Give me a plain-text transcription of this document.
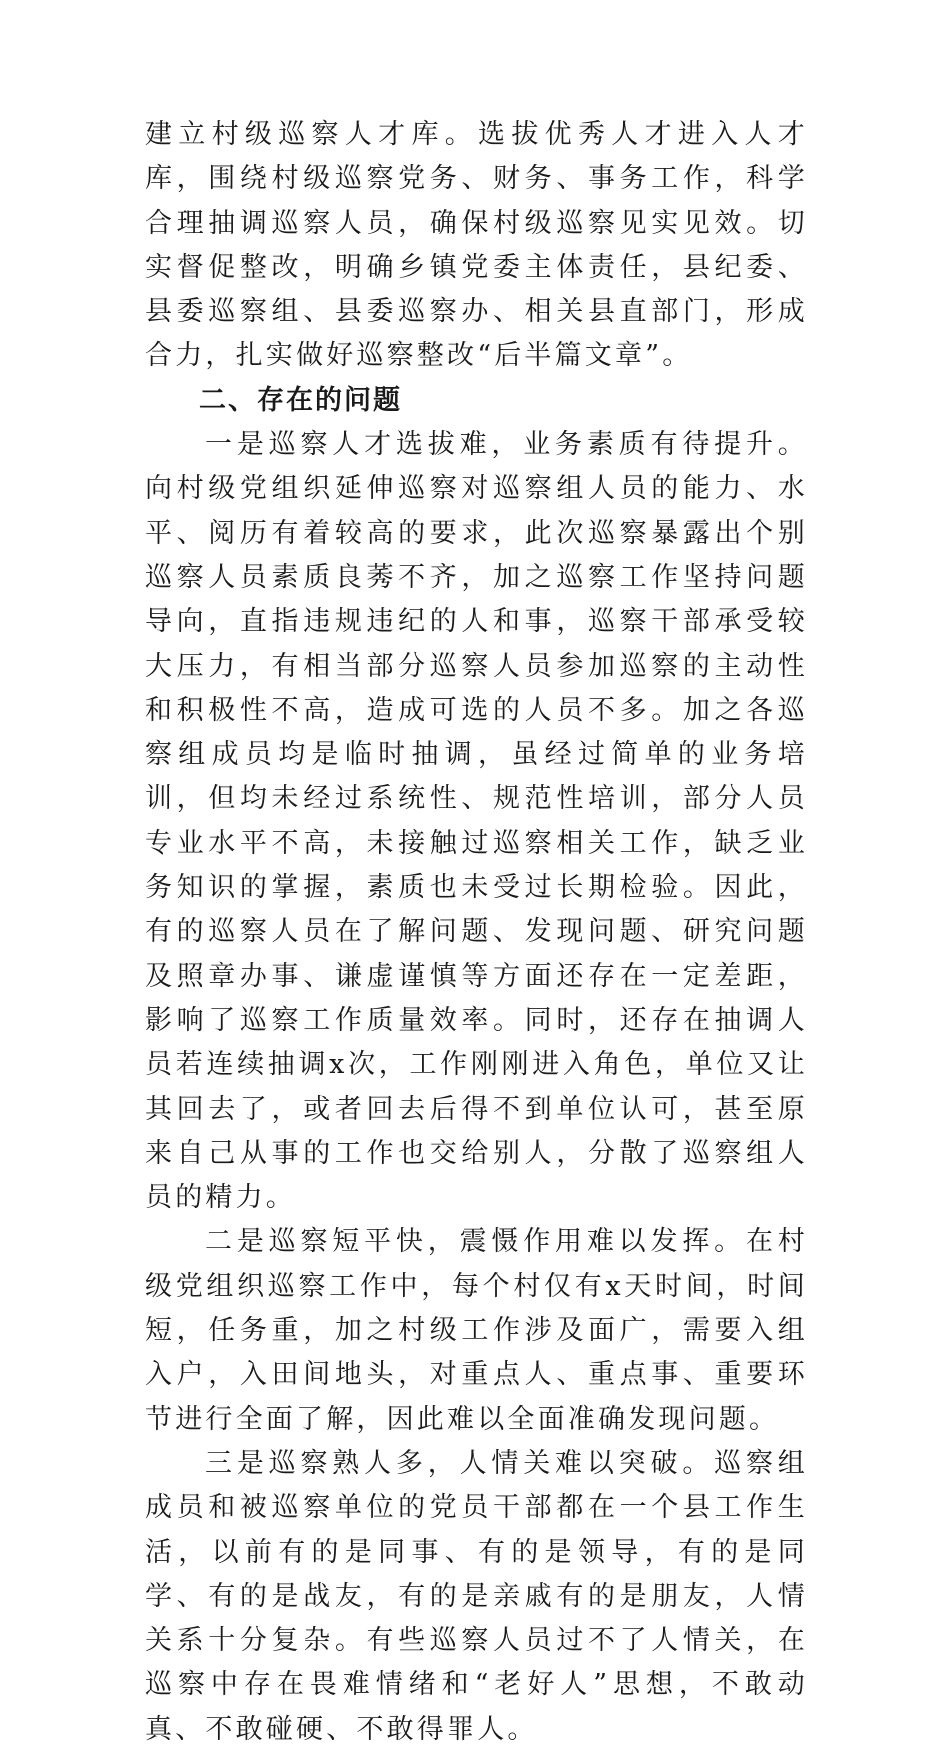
建立村级巡察人才库。选拔优秀人才进入人才库，围绕村级巡察党务、财务、事务工作，科学合理抽调巡察人员，确保村级巡察见实见效。切实督促整改，明确乡镇党委主体责任，县纪委、县委巡察组、县委巡察办、相关县直部门，形成合力，扎实做好巡察整改“后半篇文章”。

二、存在的问题

一是巡察人才选拔难，业务素质有待提升。向村级党组织延伸巡察对巡察组人员的能力、水平、阅历有着较高的要求，此次巡察暴露出个别巡察人员素质良莠不齐，加之巡察工作坚持问题导向，直指违规违纪的人和事，巡察干部承受较大压力，有相当部分巡察人员参加巡察的主动性和积极性不高，造成可选的人员不多。加之各巡察组成员均是临时抽调，虽经过简单的业务培训，但均未经过系统性、规范性培训，部分人员专业水平不高，未接触过巡察相关工作，缺乏业务知识的掌握，素质也未受过长期检验。因此，有的巡察人员在了解问题、发现问题、研究问题及照章办事、谦虚谨慎等方面还存在一定差距，影响了巡察工作质量效率。同时，还存在抽调人员若连续抽调x次，工作刚刚进入角色，单位又让其回去了，或者回去后得不到单位认可，甚至原来自己从事的工作也交给别人，分散了巡察组人员的精力。

二是巡察短平快，震慑作用难以发挥。在村级党组织巡察工作中，每个村仅有x天时间，时间短，任务重，加之村级工作涉及面广，需要入组入户，入田间地头，对重点人、重点事、重要环节进行全面了解，因此难以全面准确发现问题。

三是巡察熟人多，人情关难以突破。巡察组成员和被巡察单位的党员干部都在一个县工作生活，以前有的是同事、有的是领导，有的是同学、有的是战友，有的是亲戚有的是朋友，人情关系十分复杂。有些巡察人员过不了人情关，在巡察中存在畏难情绪和“老好人”思想，不敢动真、不敢碰硬、不敢得罪人。
